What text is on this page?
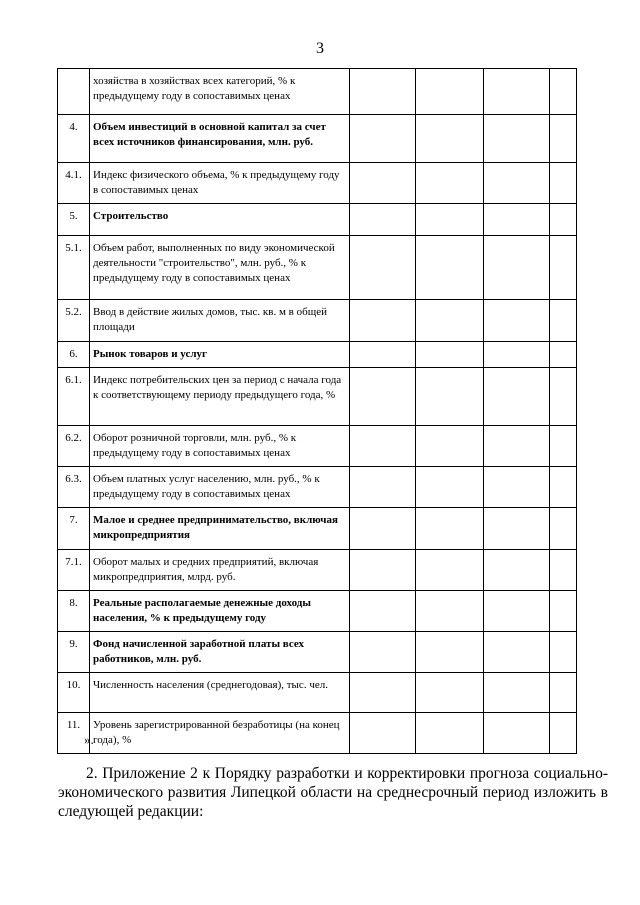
3
	хозяйства в хозяйствах всех категорий, % к предыдущему году в сопоставимых ценах				
4.	Объем инвестиций в основной капитал за счет всех источников финансирования, млн. руб.				
4.1.	Индекс физического объема, % к предыдущему году в сопоставимых ценах				
5.	Строительство				
5.1.	Объем работ, выполненных по виду экономической деятельности "строительство", млн. руб., % к предыдущему году в сопоставимых ценах				
5.2.	Ввод в действие жилых домов, тыс. кв. м в общей площади				
6.	Рынок товаров и услуг				
6.1.	Индекс потребительских цен за период с начала года к соответствующему периоду предыдущего года, %				
6.2.	Оборот розничной торговли, млн. руб., % к предыдущему году в сопоставимых ценах				
6.3.	Объем платных услуг населению, млн. руб., % к предыдущему году в сопоставимых ценах				
7.	Малое и среднее предпринимательство, включая микропредприятия				
7.1.	Оборот малых и средних предприятий, включая микропредприятия, млрд. руб.				
8.	Реальные располагаемые денежные доходы населения, % к предыдущему году				
9.	Фонд начисленной заработной платы всех работников, млн. руб.				
10.	Численность населения (среднегодовая), тыс. чел.				
11.	Уровень зарегистрированной безработицы (на конец года), %				
».
2. Приложение 2 к Порядку разработки и корректировки прогноза социально-экономического развития Липецкой области на среднесрочный период изложить в следующей редакции:
